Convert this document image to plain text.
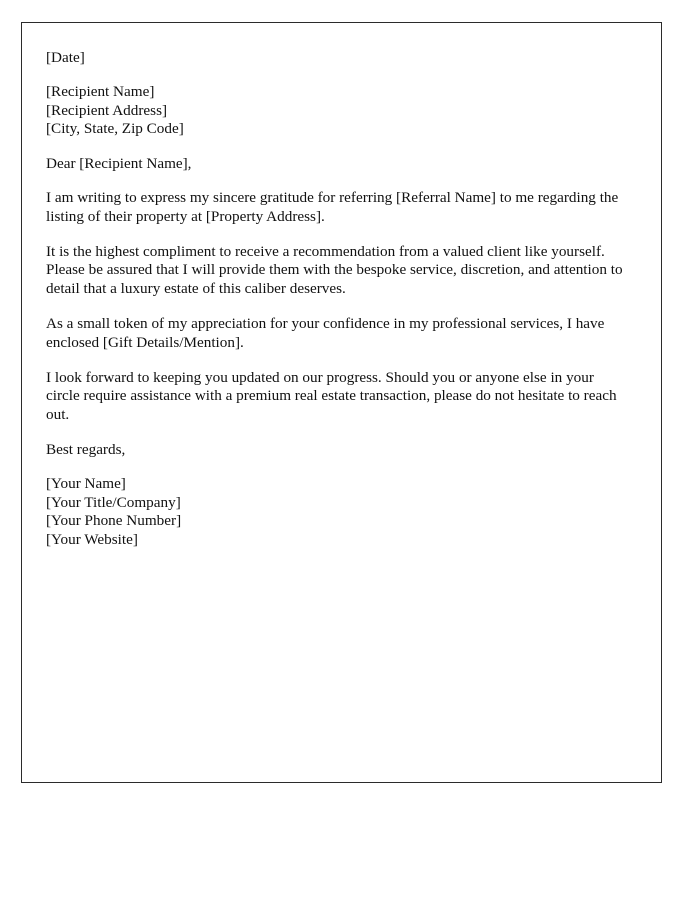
[Date]
[Recipient Name]
[Recipient Address]
[City, State, Zip Code]
Dear [Recipient Name],

I am writing to express my sincere gratitude for referring [Referral Name] to me regarding the listing of their property at [Property Address].

It is the highest compliment to receive a recommendation from a valued client like yourself. Please be assured that I will provide them with the bespoke service, discretion, and attention to detail that a luxury estate of this caliber deserves.

As a small token of my appreciation for your confidence in my professional services, I have enclosed [Gift Details/Mention].

I look forward to keeping you updated on our progress. Should you or anyone else in your circle require assistance with a premium real estate transaction, please do not hesitate to reach out.

Best regards,
[Your Name]
[Your Title/Company]
[Your Phone Number]
[Your Website]
